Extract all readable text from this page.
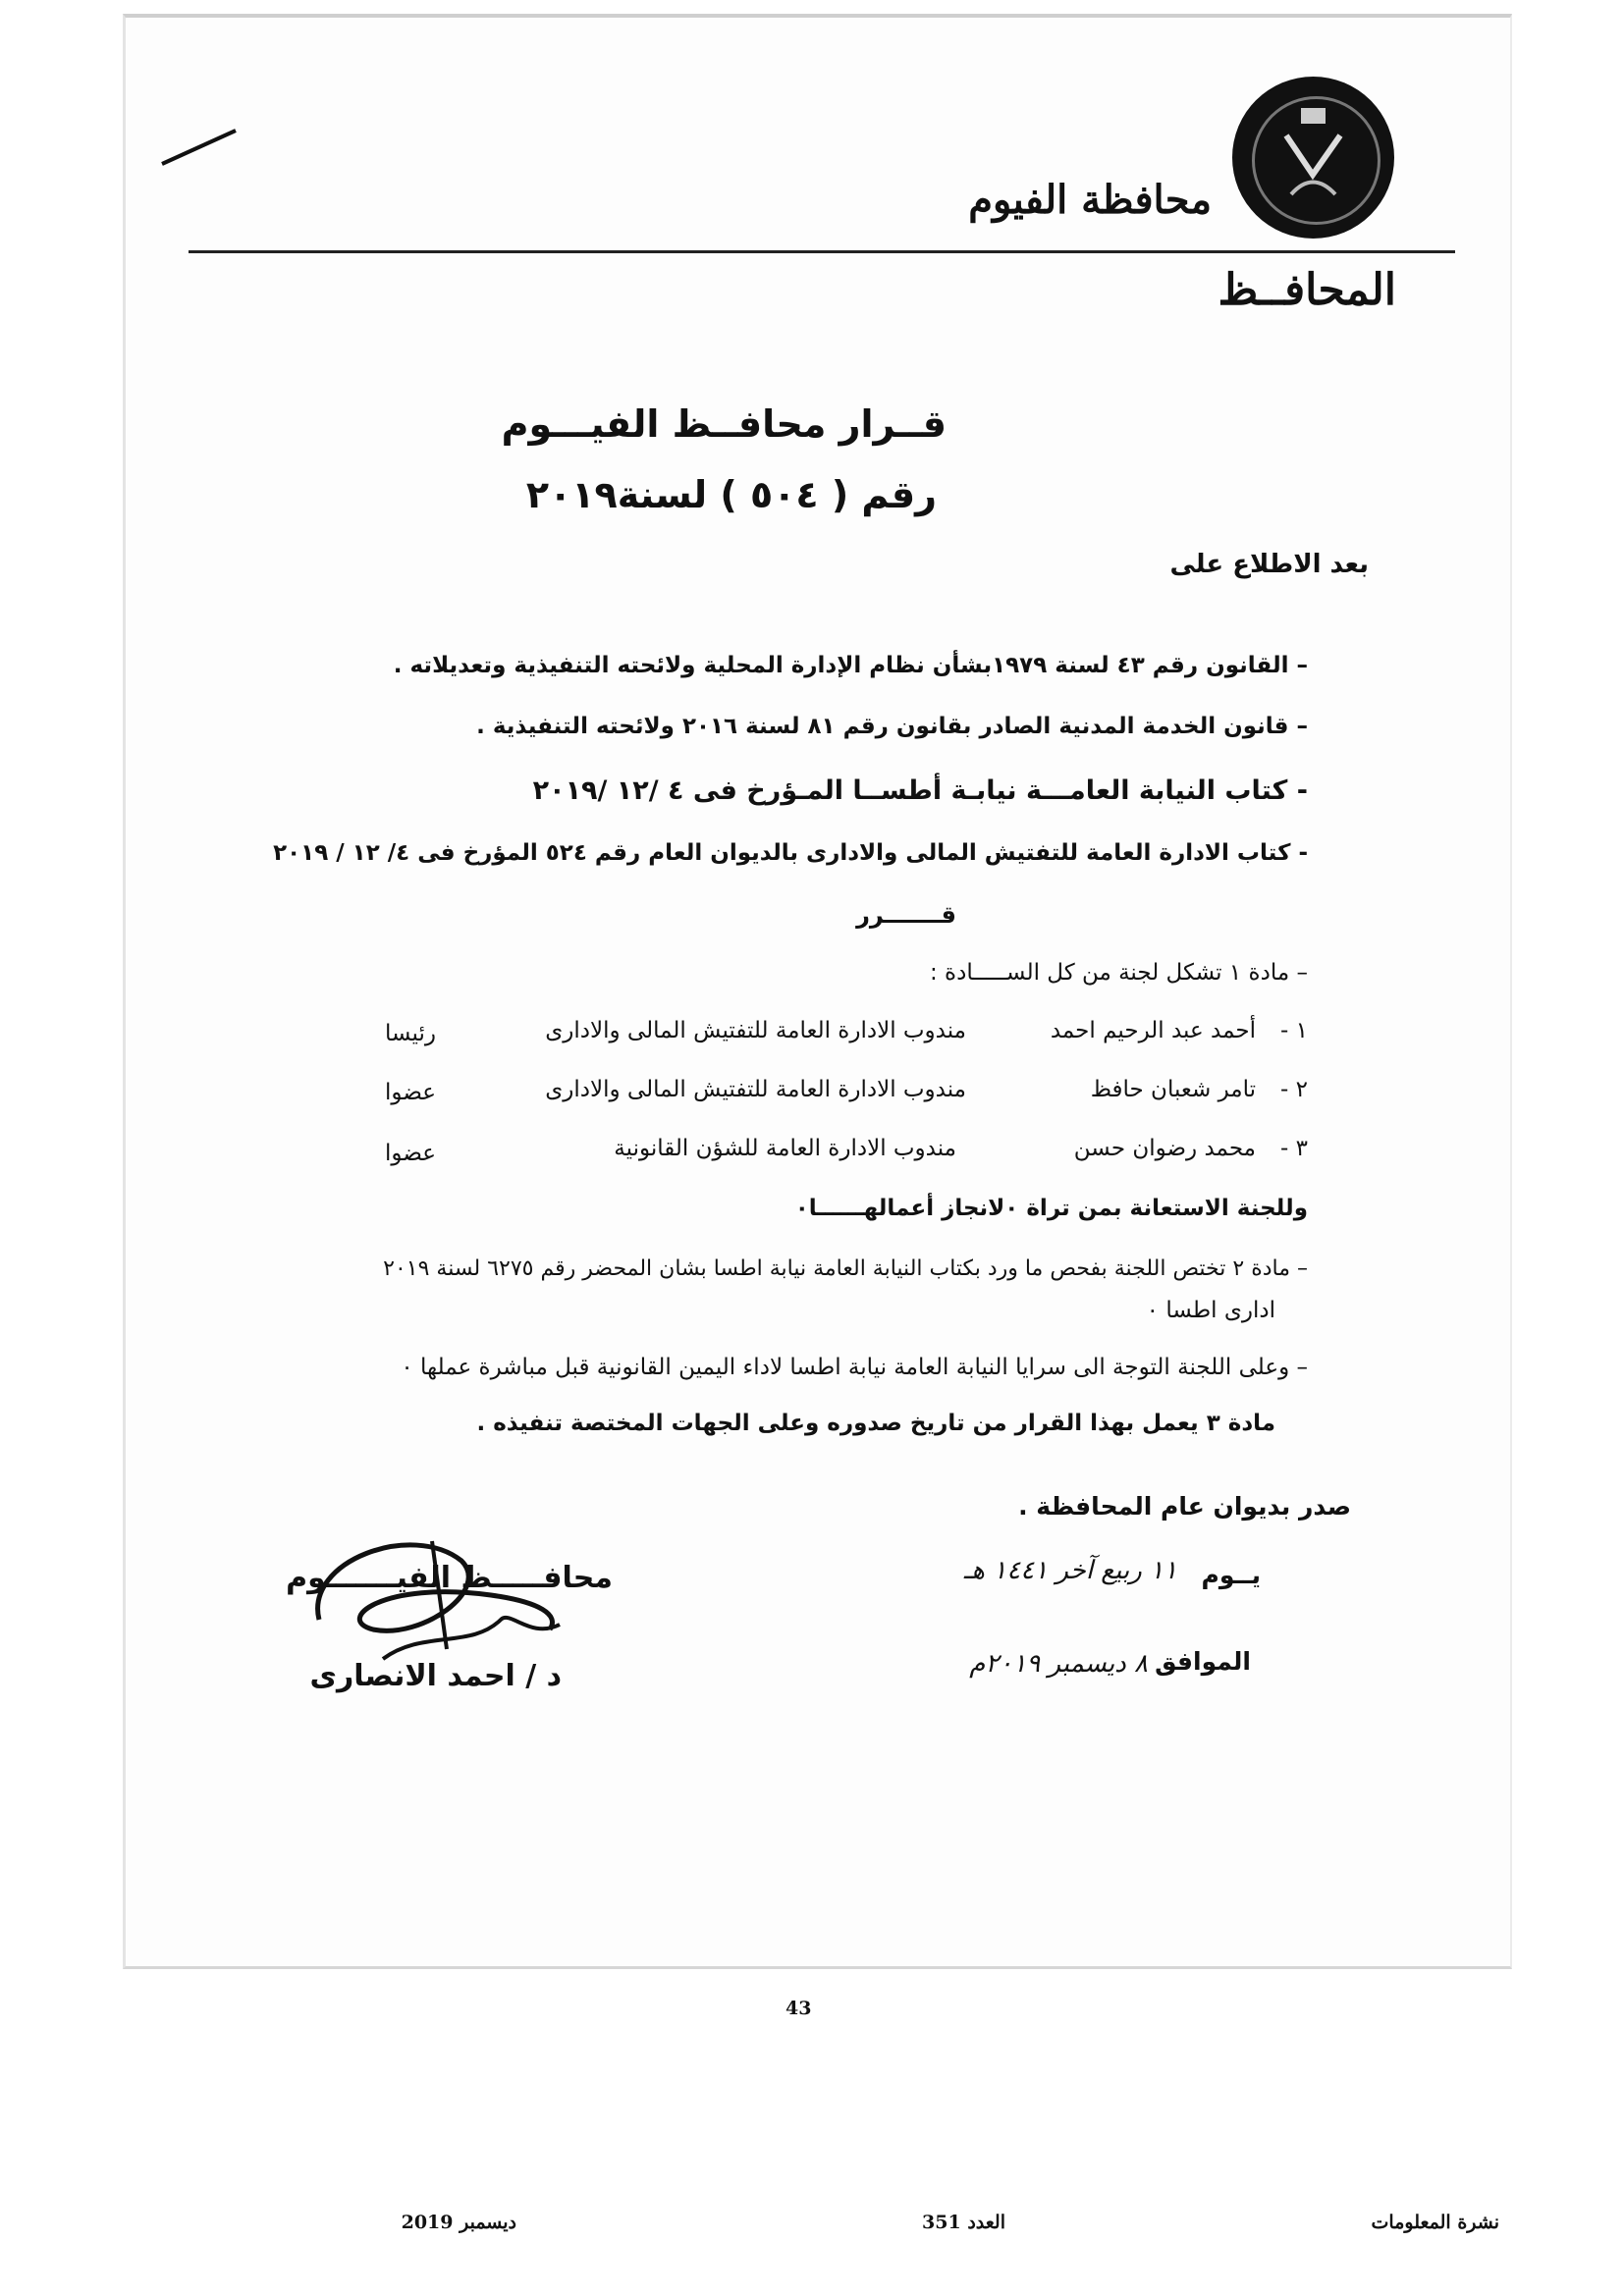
محافظة الفيوم
المحافــظ
قــرار محافــظ الفيـــوم
رقم ( ٥٠٤ ) لسنة٢٠١٩
بعد الاطلاع على
– القانون رقم ٤٣ لسنة ١٩٧٩بشأن نظام الإدارة المحلية ولائحته التنفيذية وتعديلاته .
– قانون الخدمة المدنية الصادر بقانون رقم ٨١ لسنة ٢٠١٦ ولائحته التنفيذية .
- كتاب النيابة العامـــة نيابـة أطســا المـؤرخ فى ٤ /١٢ /٢٠١٩
- كتاب الادارة العامة للتفتيش المالى والادارى بالديوان العام رقم ٥٢٤ المؤرخ فى ٤/ ١٢ / ٢٠١٩
قـــــــرر
– مادة ١ تشكل لجنة من كل الســـــادة :
١ -
أحمد عبد الرحيم احمد
مندوب الادارة العامة للتفتيش المالى والادارى
رئيسا
٢ -
تامر شعبان حافظ
مندوب الادارة العامة للتفتيش المالى والادارى
عضوا
٣ -
محمد رضوان حسن
مندوب الادارة العامة للشؤن القانونية
عضوا
وللجنة الاستعانة بمن تراة ٠لانجاز أعمالهــــــا٠
– مادة ٢ تختص اللجنة بفحص ما ورد بكتاب النيابة العامة نيابة اطسا بشان المحضر رقم ٦٢٧٥ لسنة ٢٠١٩
ادارى اطسا ٠
– وعلى اللجنة التوجة الى سرايا النيابة العامة نيابة اطسا لاداء اليمين القانونية قبل مباشرة عملها ٠
مادة ٣ يعمل بهذا القرار من تاريخ صدوره وعلى الجهات المختصة تنفيذه .
صدر بديوان عام المحافظة .
يــوم
١١ ربيع آخر ١٤٤١ هـ
الموافق
٨ ديسمبر ٢٠١٩م
محافـــــظ الفيـــــــوم
د / احمد الانصارى
43
نشرة المعلومات
العدد 351
ديسمبر 2019
